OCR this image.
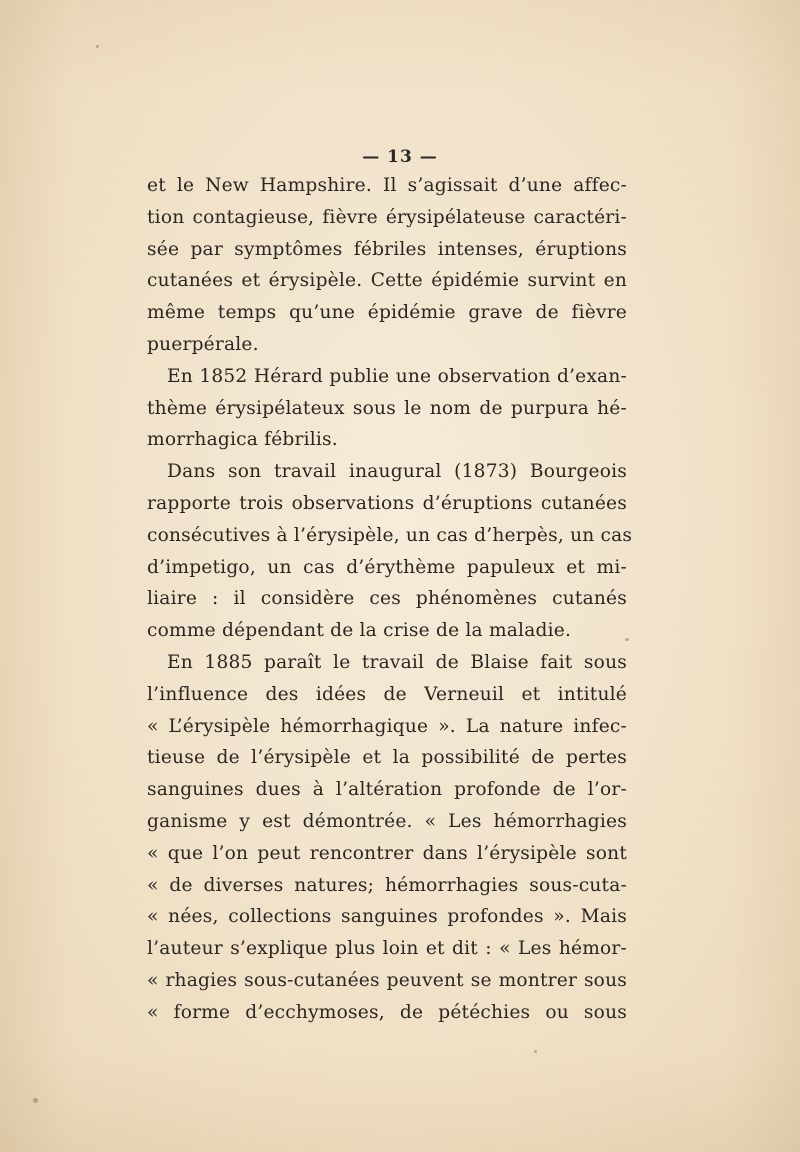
— 13 —
et le New Hampshire. Il s’agissait d’une affec-
tion contagieuse, fièvre érysipélateuse caractéri-
sée par symptômes fébriles intenses, éruptions
cutanées et érysipèle. Cette épidémie survint en
même temps qu’une épidémie grave de fièvre
puerpérale.
En 1852 Hérard publie une observation d’exan-
thème érysipélateux sous le nom de purpura hé-
morrhagica fébrilis.
Dans son travail inaugural (1873) Bourgeois
rapporte trois observations d’éruptions cutanées
consécutives à l’érysipèle, un cas d’herpès, un cas
d’impetigo, un cas d’érythème papuleux et mi-
liaire : il considère ces phénomènes cutanés
comme dépendant de la crise de la maladie.
En 1885 paraît le travail de Blaise fait sous
l’influence des idées de Verneuil et intitulé
« L’érysipèle hémorrhagique ». La nature infec-
tieuse de l’érysipèle et la possibilité de pertes
sanguines dues à l’altération profonde de l’or-
ganisme y est démontrée. « Les hémorrhagies
« que l’on peut rencontrer dans l’érysipèle sont
« de diverses natures; hémorrhagies sous-cuta-
« nées, collections sanguines profondes ». Mais
l’auteur s’explique plus loin et dit : « Les hémor-
« rhagies sous-cutanées peuvent se montrer sous
« forme d’ecchymoses, de pétéchies ou sous
